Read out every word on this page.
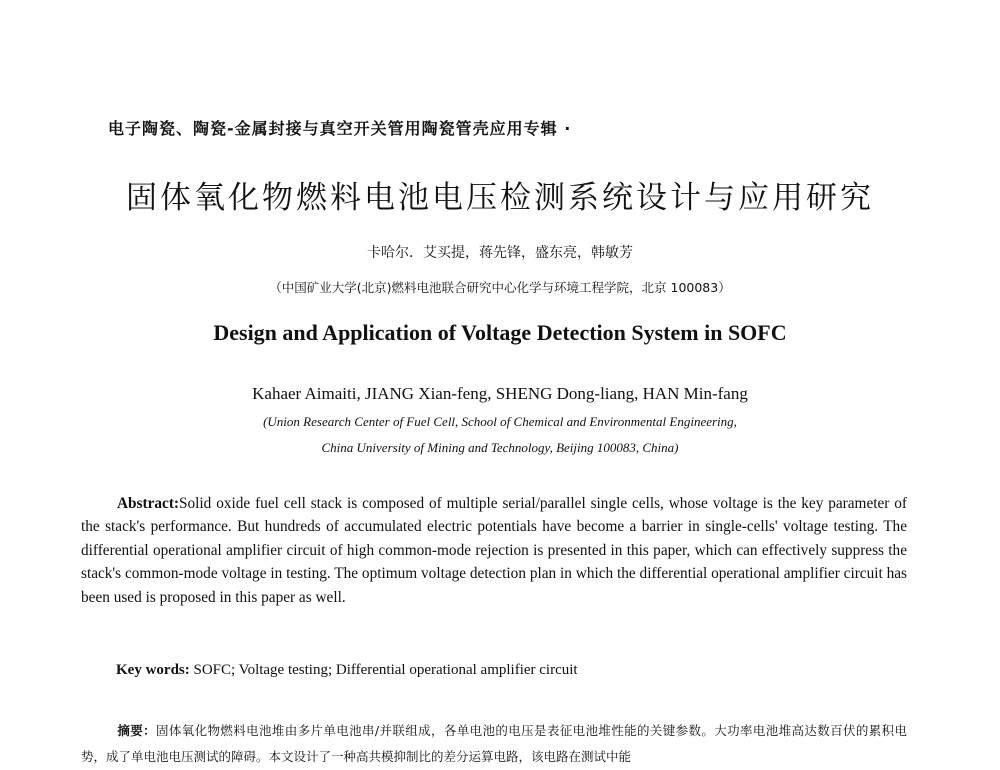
电子陶瓷、陶瓷-金属封接与真空开关管用陶瓷管壳应用专辑 ·
固体氧化物燃料电池电压检测系统设计与应用研究
卡哈尔．艾买提，蒋先锋，盛东亮，韩敏芳
（中国矿业大学(北京)燃料电池联合研究中心化学与环境工程学院，北京 100083）
Design and Application of Voltage Detection System in SOFC
Kahaer Aimaiti, JIANG Xian-feng, SHENG Dong-liang, HAN Min-fang
(Union Research Center of Fuel Cell, School of Chemical and Environmental Engineering,
China University of Mining and Technology, Beijing 100083, China)
Abstract:Solid oxide fuel cell stack is composed of multiple serial/parallel single cells, whose voltage is the key parameter of the stack's performance. But hundreds of accumulated electric potentials have become a barrier in single-cells' voltage testing. The differential operational amplifier circuit of high common-mode rejection is presented in this paper, which can effectively suppress the stack's common-mode voltage in testing. The optimum voltage detection plan in which the differential operational amplifier circuit has been used is proposed in this paper as well.
Key words: SOFC; Voltage testing; Differential operational amplifier circuit
摘要：固体氧化物燃料电池堆由多片单电池串/并联组成，各单电池的电压是表征电池堆性能的关键参数。大功率电池堆高达数百伏的累积电势，成了单电池电压测试的障碍。本文设计了一种高共模抑制比的差分运算电路，该电路在测试中能
